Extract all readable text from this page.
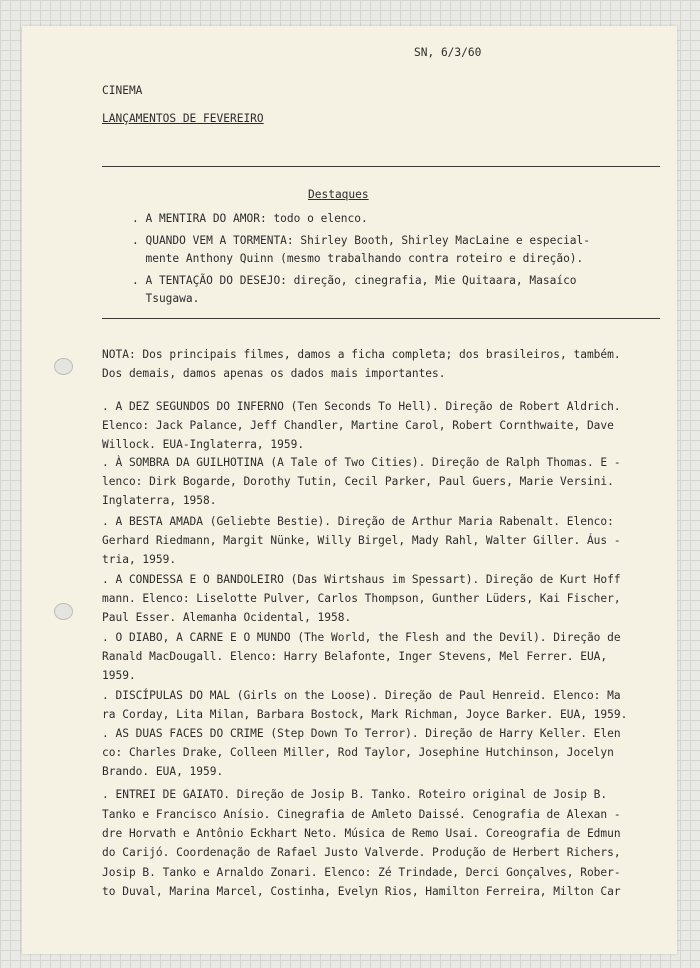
SN, 6/3/60
CINEMA
LANÇAMENTOS DE FEVEREIRO
Destaques
. A MENTIRA DO AMOR: todo o elenco.
. QUANDO VEM A TORMENTA: Shirley Booth, Shirley MacLaine e especial-
mente Anthony Quinn (mesmo trabalhando contra roteiro e direção).
. A TENTAÇÃO DO DESEJO: direção, cinegrafia, Mie Quitaara, Masaíco
Tsugawa.
NOTA: Dos principais filmes, damos a ficha completa; dos brasileiros, também.
Dos demais, damos apenas os dados mais importantes.
. A DEZ SEGUNDOS DO INFERNO (Ten Seconds To Hell). Direção de Robert Aldrich.
Elenco: Jack Palance, Jeff Chandler, Martine Carol, Robert Cornthwaite, Dave
Willock. EUA-Inglaterra, 1959.
. À SOMBRA DA GUILHOTINA (A Tale of Two Cities). Direção de Ralph Thomas. E -
lenco: Dirk Bogarde, Dorothy Tutin, Cecil Parker, Paul Guers, Marie Versini.
Inglaterra, 1958.
. A BESTA AMADA (Geliebte Bestie). Direção de Arthur Maria Rabenalt. Elenco:
Gerhard Riedmann, Margit Nünke, Willy Birgel, Mady Rahl, Walter Giller. Áus -
tria, 1959.
. A CONDESSA E O BANDOLEIRO (Das Wirtshaus im Spessart). Direção de Kurt Hoff
mann. Elenco: Liselotte Pulver, Carlos Thompson, Gunther Lüders, Kai Fischer,
Paul Esser. Alemanha Ocidental, 1958.
. O DIABO, A CARNE E O MUNDO (The World, the Flesh and the Devil). Direção de
Ranald MacDougall. Elenco: Harry Belafonte, Inger Stevens, Mel Ferrer. EUA,
1959.
. DISCÍPULAS DO MAL (Girls on the Loose). Direção de Paul Henreid. Elenco: Ma
ra Corday, Lita Milan, Barbara Bostock, Mark Richman, Joyce Barker. EUA, 1959.
. AS DUAS FACES DO CRIME (Step Down To Terror). Direção de Harry Keller. Elen
co: Charles Drake, Colleen Miller, Rod Taylor, Josephine Hutchinson, Jocelyn
Brando. EUA, 1959.
. ENTREI DE GAIATO. Direção de Josip B. Tanko. Roteiro original de Josip B.
Tanko e Francisco Anísio. Cinegrafia de Amleto Daissé. Cenografia de Alexan -
dre Horvath e Antônio Eckhart Neto. Música de Remo Usai. Coreografia de Edmun
do Carijó. Coordenação de Rafael Justo Valverde. Produção de Herbert Richers,
Josip B. Tanko e Arnaldo Zonari. Elenco: Zé Trindade, Derci Gonçalves, Rober-
to Duval, Marina Marcel, Costinha, Evelyn Rios, Hamilton Ferreira, Milton Car
